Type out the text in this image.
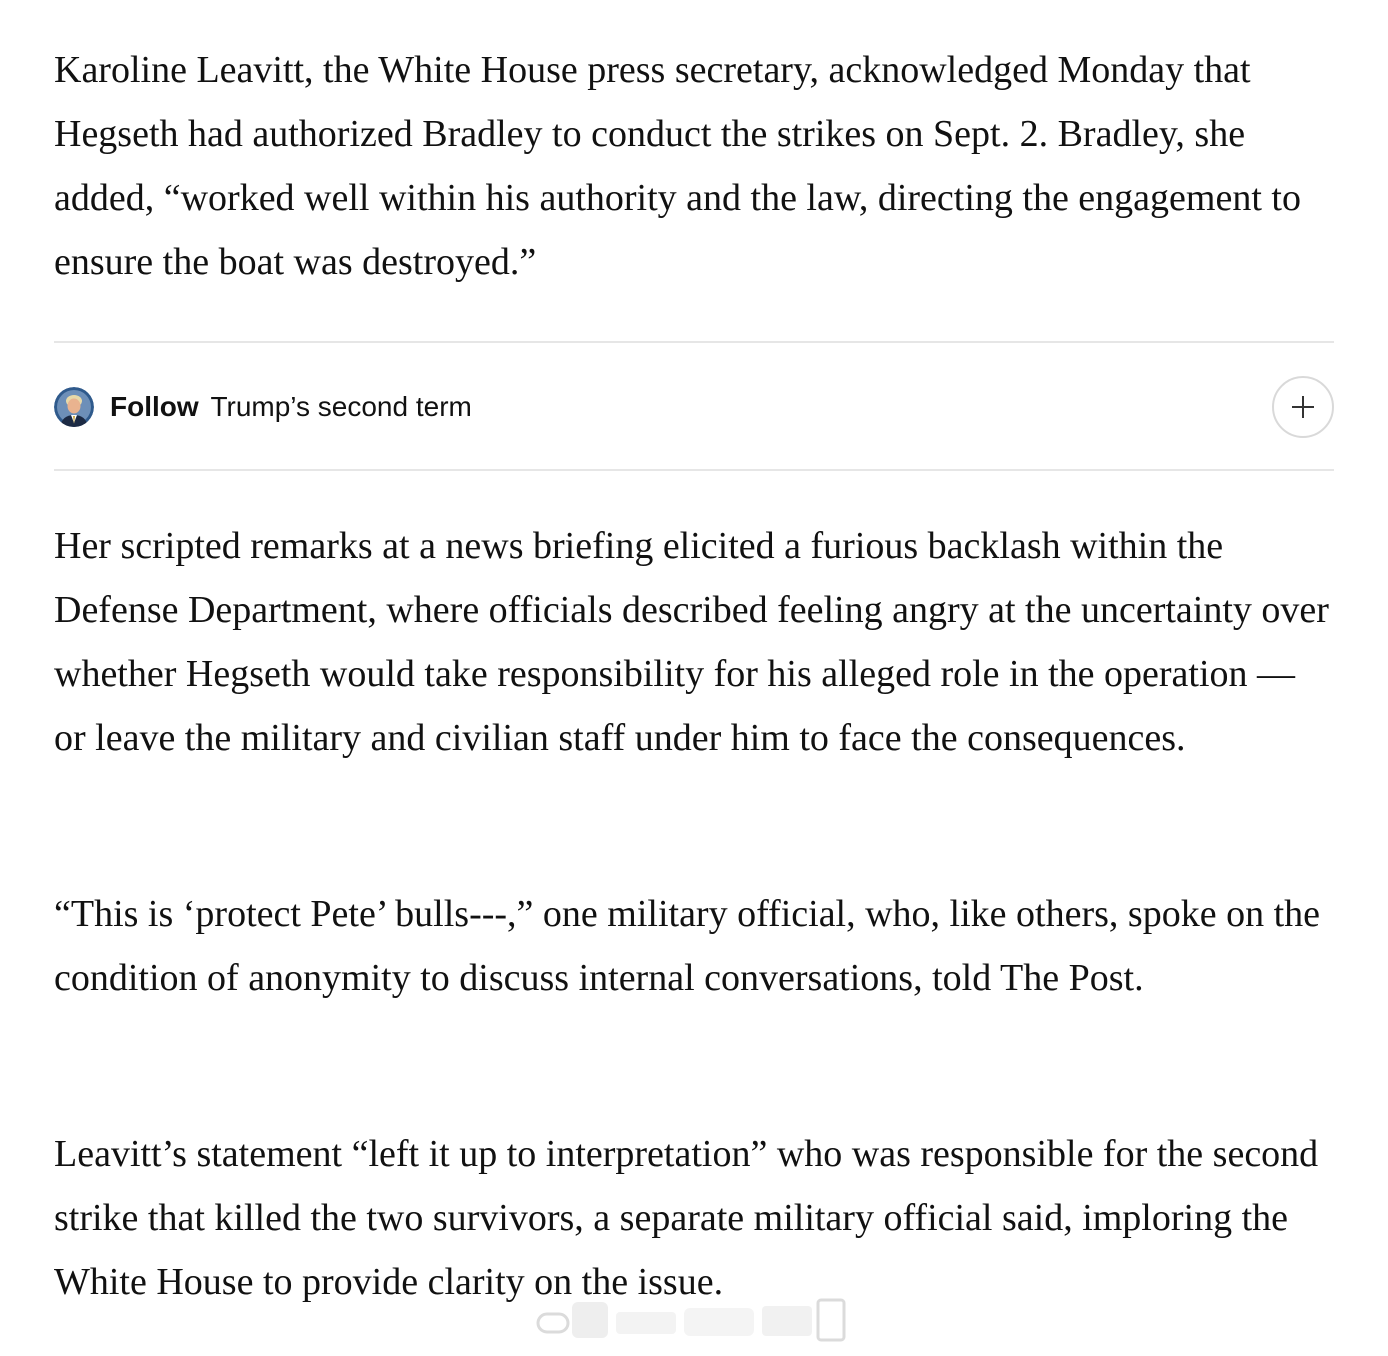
Karoline Leavitt, the White House press secretary, acknowledged Monday that Hegseth had authorized Bradley to conduct the strikes on Sept. 2. Bradley, she added, “worked well within his authority and the law, directing the engagement to ensure the boat was destroyed.”

Follow Trump’s second term

Her scripted remarks at a news briefing elicited a furious backlash within the Defense Department, where officials described feeling angry at the uncertainty over whether Hegseth would take responsibility for his alleged role in the operation — or leave the military and civilian staff under him to face the consequences.

“This is ‘protect Pete’ bulls---,” one military official, who, like others, spoke on the condition of anonymity to discuss internal conversations, told The Post.

Leavitt’s statement “left it up to interpretation” who was responsible for the second strike that killed the two survivors, a separate military official said, imploring the White House to provide clarity on the issue.
